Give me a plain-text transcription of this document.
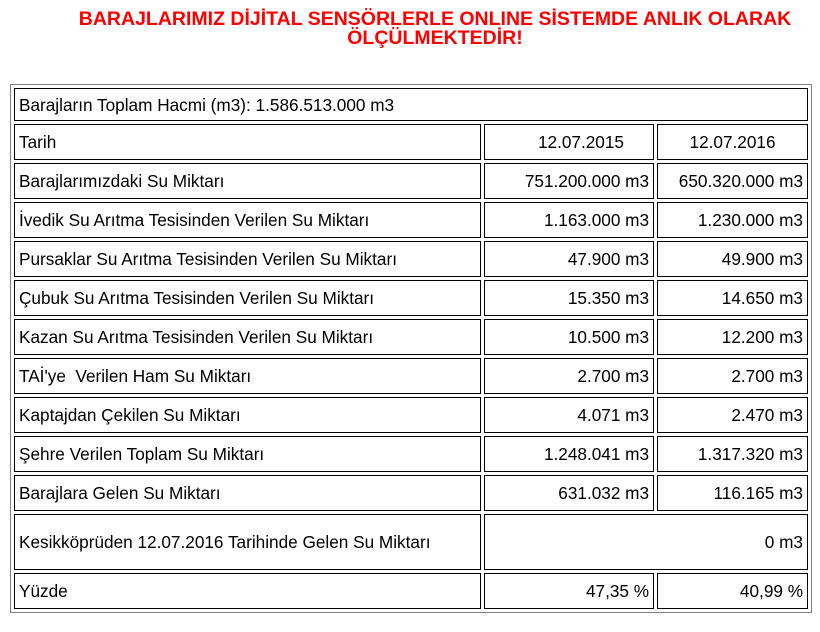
BARAJLARIMIZ DİJİTAL SENSÖRLERLE ONLINE SİSTEMDE ANLIK OLARAK
ÖLÇÜLMEKTEDİR!
Barajların Toplam Hacmi (m3): 1.586.513.000 m3		
Tarih	12.07.2015	12.07.2016
Barajlarımızdaki Su Miktarı	751.200.000 m3	650.320.000 m3
İvedik Su Arıtma Tesisinden Verilen Su Miktarı	1.163.000 m3	1.230.000 m3
Pursaklar Su Arıtma Tesisinden Verilen Su Miktarı	47.900 m3	49.900 m3
Çubuk Su Arıtma Tesisinden Verilen Su Miktarı	15.350 m3	14.650 m3
Kazan Su Arıtma Tesisinden Verilen Su Miktarı	10.500 m3	12.200 m3
TAİ'ye  Verilen Ham Su Miktarı	2.700 m3	2.700 m3
Kaptajdan Çekilen Su Miktarı	4.071 m3	2.470 m3
Şehre Verilen Toplam Su Miktarı	1.248.041 m3	1.317.320 m3
Barajlara Gelen Su Miktarı	631.032 m3	116.165 m3
Kesikköprüden 12.07.2016 Tarihinde Gelen Su Miktarı	0 m3	
Yüzde	47,35 %	40,99 %
